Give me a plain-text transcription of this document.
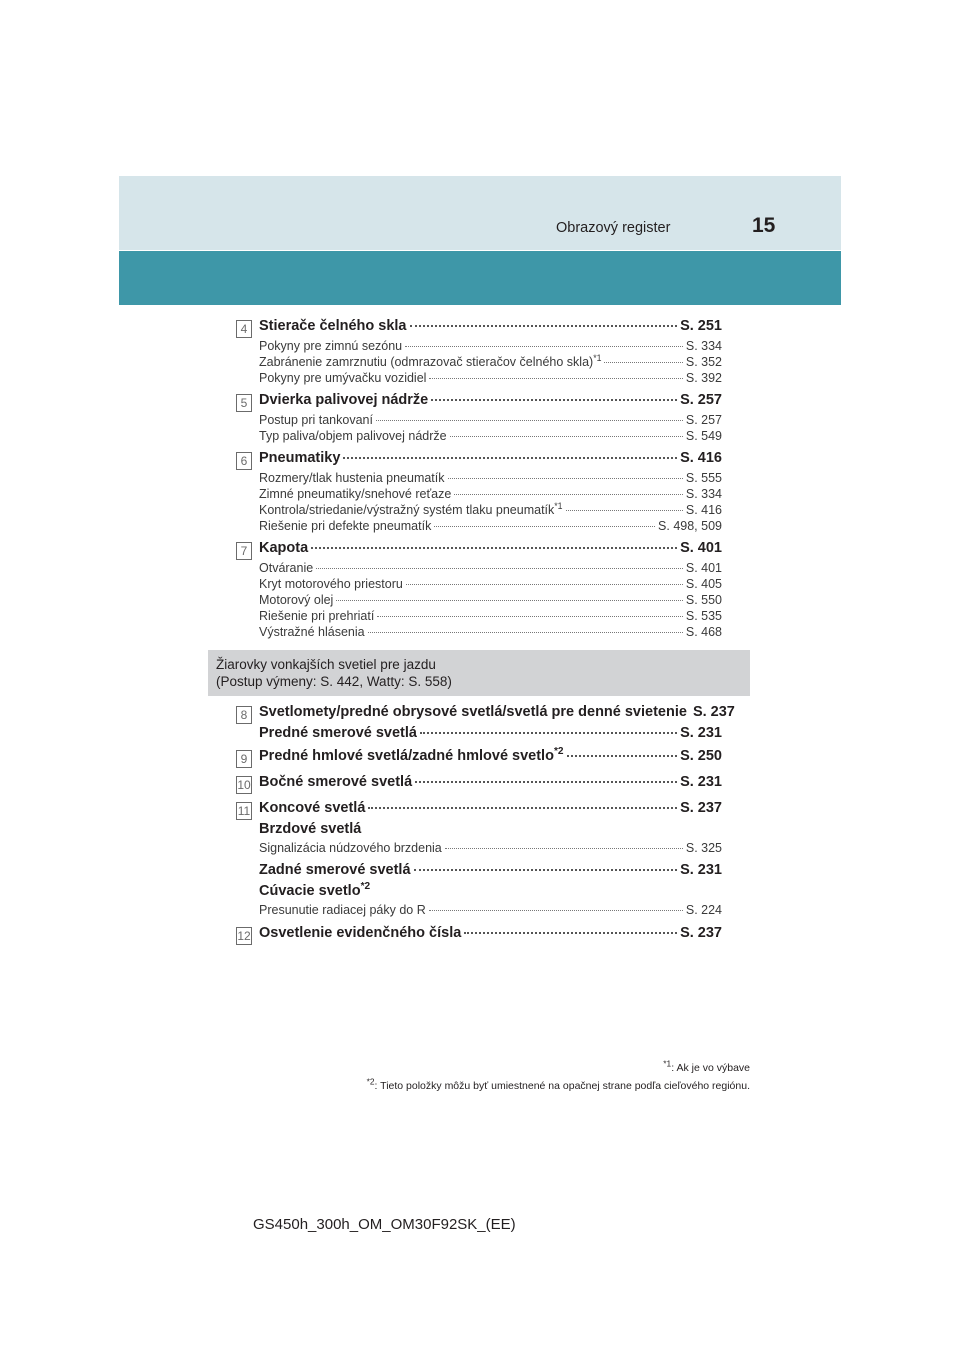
Obrazový register	15
4 Stierače čelného skla	S. 251
Pokyny pre zimnú sezónu	S. 334
Zabránenie zamrznutiu (odmrazovač stieračov čelného skla)$^{*1}$	S. 352
Pokyny pre umývačku vozidiel	S. 392
5 Dvierka palivovej nádrže	S. 257
Postup pri tankovaní	S. 257
Typ paliva/objem palivovej nádrže	S. 549
6 Pneumatiky	S. 416
Rozmery/tlak hustenia pneumatík	S. 555
Zimné pneumatiky/snehové reťaze	S. 334
Kontrola/striedanie/výstražný systém tlaku pneumatík$^{*1}$	S. 416
Riešenie pri defekte pneumatík	S. 498, 509
7 Kapota	S. 401
Otváranie	S. 401
Kryt motorového priestoru	S. 405
Motorový olej	S. 550
Riešenie pri prehriatí	S. 535
Výstražné hlásenia	S. 468
8 Svetlomety/predné obrysové svetlá/svetlá pre denné svietenie S. 237
Predné smerové svetlá	S. 231
9 Predné hmlové svetlá/zadné hmlové svetlo$^{*2}$	S. 250
10 Bočné smerové svetlá	S. 231
11 Koncové svetlá	S. 237
Brzdové svetlá
Signalizácia núdzového brzdenia	S. 325
Zadné smerové svetlá	S. 231
Cúvacie svetlo$^{*2}$
Presunutie radiacej páky do R	S. 224
12 Osvetlenie evidenčného čísla	S. 237
Žiarovky vonkajších svetiel pre jazdu
(Postup výmeny: S. 442, Watty: S. 558)
$^{*1}$: Ak je vo výbave
$^{*2}$: Tieto položky môžu byť umiestnené na opačnej strane podľa cieľového regiónu.
GS450h_300h_OM_OM30F92SK_(EE)
